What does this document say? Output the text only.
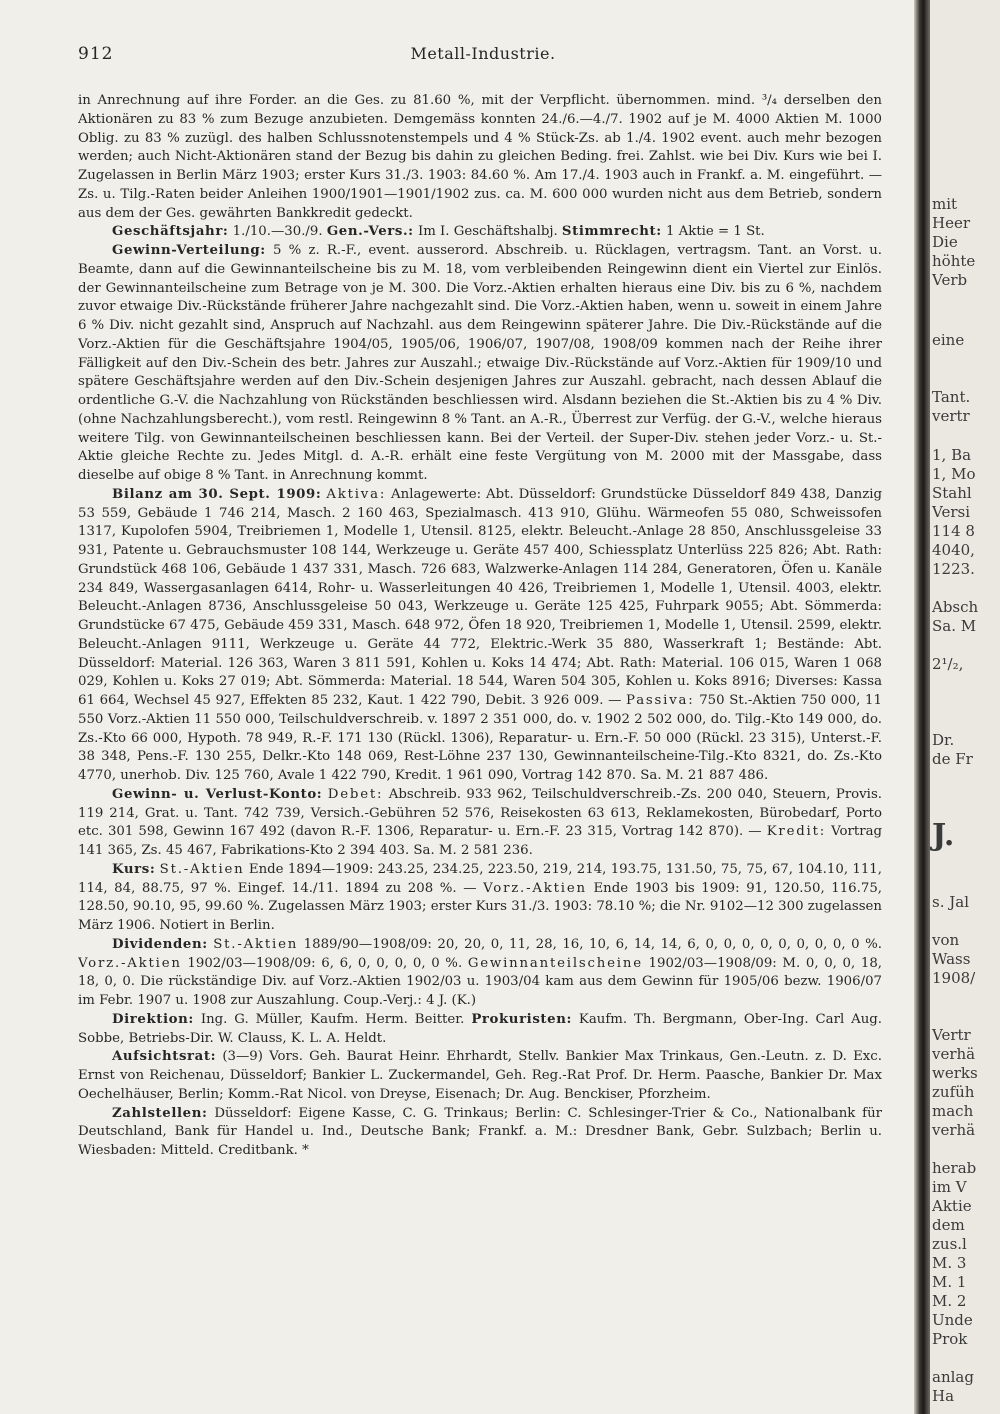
912	Metall-Industrie.

in Anrechnung auf ihre Forder. an die Ges. zu 81.60 %, mit der Verpflicht. übernommen. mind. ³/₄ derselben den Aktionären zu 83 % zum Bezuge anzubieten. Demgemäss konnten 24./6.—4./7. 1902 auf je M. 4000 Aktien M. 1000 Oblig. zu 83 % zuzügl. des halben Schlussnotenstempels und 4 % Stück-Zs. ab 1./4. 1902 event. auch mehr bezogen werden; auch Nicht-Aktionären stand der Bezug bis dahin zu gleichen Beding. frei. Zahlst. wie bei Div. Kurs wie bei I. Zugelassen in Berlin März 1903; erster Kurs 31./3. 1903: 84.60 %. Am 17./4. 1903 auch in Frankf. a. M. eingeführt. — Zs. u. Tilg.-Raten beider Anleihen 1900/1901—1901/1902 zus. ca. M. 600 000 wurden nicht aus dem Betrieb, sondern aus dem der Ges. gewährten Bankkredit gedeckt.

Geschäftsjahr: 1./10.—30./9. Gen.-Vers.: Im I. Geschäftshalbj. Stimmrecht: 1 Aktie = 1 St.

Gewinn-Verteilung: 5 % z. R.-F., event. ausserord. Abschreib. u. Rücklagen, vertragsm. Tant. an Vorst. u. Beamte, dann auf die Gewinnanteilscheine bis zu M. 18, vom verbleibenden Reingewinn dient ein Viertel zur Einlös. der Gewinnanteilscheine zum Betrage von je M. 300. Die Vorz.-Aktien erhalten hieraus eine Div. bis zu 6 %, nachdem zuvor etwaige Div.-Rückstände früherer Jahre nachgezahlt sind. Die Vorz.-Aktien haben, wenn u. soweit in einem Jahre 6 % Div. nicht gezahlt sind, Anspruch auf Nachzahl. aus dem Reingewinn späterer Jahre. Die Div.-Rückstände auf die Vorz.-Aktien für die Geschäftsjahre 1904/05, 1905/06, 1906/07, 1907/08, 1908/09 kommen nach der Reihe ihrer Fälligkeit auf den Div.-Schein des betr. Jahres zur Auszahl.; etwaige Div.-Rückstände auf Vorz.-Aktien für 1909/10 und spätere Geschäftsjahre werden auf den Div.-Schein desjenigen Jahres zur Auszahl. gebracht, nach dessen Ablauf die ordentliche G.-V. die Nachzahlung von Rückständen beschliessen wird. Alsdann beziehen die St.-Aktien bis zu 4 % Div. (ohne Nachzahlungsberecht.), vom restl. Reingewinn 8 % Tant. an A.-R., Überrest zur Verfüg. der G.-V., welche hieraus weitere Tilg. von Gewinnanteilscheinen beschliessen kann. Bei der Verteil. der Super-Div. stehen jeder Vorz.- u. St.-Aktie gleiche Rechte zu. Jedes Mitgl. d. A.-R. erhält eine feste Vergütung von M. 2000 mit der Massgabe, dass dieselbe auf obige 8 % Tant. in Anrechnung kommt.

Bilanz am 30. Sept. 1909: Aktiva: Anlagewerte: Abt. Düsseldorf: Grundstücke Düsseldorf 849 438, Danzig 53 559, Gebäude 1 746 214, Masch. 2 160 463, Spezialmasch. 413 910, Glühu. Wärmeofen 55 080, Schweissofen 1317, Kupolofen 5904, Treibriemen 1, Modelle 1, Utensil. 8125, elektr. Beleucht.-Anlage 28 850, Anschlussgeleise 33 931, Patente u. Gebrauchsmuster 108 144, Werkzeuge u. Geräte 457 400, Schiessplatz Unterlüss 225 826; Abt. Rath: Grundstück 468 106, Gebäude 1 437 331, Masch. 726 683, Walzwerke-Anlagen 114 284, Generatoren, Öfen u. Kanäle 234 849, Wassergasanlagen 6414, Rohr- u. Wasserleitungen 40 426, Treibriemen 1, Modelle 1, Utensil. 4003, elektr. Beleucht.-Anlagen 8736, Anschlussgeleise 50 043, Werkzeuge u. Geräte 125 425, Fuhrpark 9055; Abt. Sömmerda: Grundstücke 67 475, Gebäude 459 331, Masch. 648 972, Öfen 18 920, Treibriemen 1, Modelle 1, Utensil. 2599, elektr. Beleucht.-Anlagen 9111, Werkzeuge u. Geräte 44 772, Elektric.-Werk 35 880, Wasserkraft 1; Bestände: Abt. Düsseldorf: Material. 126 363, Waren 3 811 591, Kohlen u. Koks 14 474; Abt. Rath: Material. 106 015, Waren 1 068 029, Kohlen u. Koks 27 019; Abt. Sömmerda: Material. 18 544, Waren 504 305, Kohlen u. Koks 8916; Diverses: Kassa 61 664, Wechsel 45 927, Effekten 85 232, Kaut. 1 422 790, Debit. 3 926 009. — Passiva: 750 St.-Aktien 750 000, 11 550 Vorz.-Aktien 11 550 000, Teilschuldverschreib. v. 1897 2 351 000, do. v. 1902 2 502 000, do. Tilg.-Kto 149 000, do. Zs.-Kto 66 000, Hypoth. 78 949, R.-F. 171 130 (Rückl. 1306), Reparatur- u. Ern.-F. 50 000 (Rückl. 23 315), Unterst.-F. 38 348, Pens.-F. 130 255, Delkr.-Kto 148 069, Rest-Löhne 237 130, Gewinnanteilscheine-Tilg.-Kto 8321, do. Zs.-Kto 4770, unerhob. Div. 125 760, Avale 1 422 790, Kredit. 1 961 090, Vortrag 142 870. Sa. M. 21 887 486.

Gewinn- u. Verlust-Konto: Debet: Abschreib. 933 962, Teilschuldverschreib.-Zs. 200 040, Steuern, Provis. 119 214, Grat. u. Tant. 742 739, Versich.-Gebühren 52 576, Reisekosten 63 613, Reklamekosten, Bürobedarf, Porto etc. 301 598, Gewinn 167 492 (davon R.-F. 1306, Reparatur- u. Ern.-F. 23 315, Vortrag 142 870). — Kredit: Vortrag 141 365, Zs. 45 467, Fabrikations-Kto 2 394 403. Sa. M. 2 581 236.

Kurs: St.-Aktien Ende 1894—1909: 243.25, 234.25, 223.50, 219, 214, 193.75, 131.50, 75, 75, 67, 104.10, 111, 114, 84, 88.75, 97 %. Eingef. 14./11. 1894 zu 208 %. — Vorz.-Aktien Ende 1903 bis 1909: 91, 120.50, 116.75, 128.50, 90.10, 95, 99.60 %. Zugelassen März 1903; erster Kurs 31./3. 1903: 78.10 %; die Nr. 9102—12 300 zugelassen März 1906. Notiert in Berlin.

Dividenden: St.-Aktien 1889/90—1908/09: 20, 20, 0, 11, 28, 16, 10, 6, 14, 14, 6, 0, 0, 0, 0, 0, 0, 0, 0, 0 %. Vorz.-Aktien 1902/03—1908/09: 6, 6, 0, 0, 0, 0, 0 %. Gewinnanteilscheine 1902/03—1908/09: M. 0, 0, 0, 18, 18, 0, 0. Die rückständige Div. auf Vorz.-Aktien 1902/03 u. 1903/04 kam aus dem Gewinn für 1905/06 bezw. 1906/07 im Febr. 1907 u. 1908 zur Auszahlung. Coup.-Verj.: 4 J. (K.)

Direktion: Ing. G. Müller, Kaufm. Herm. Beitter. Prokuristen: Kaufm. Th. Bergmann, Ober-Ing. Carl Aug. Sobbe, Betriebs-Dir. W. Clauss, K. L. A. Heldt.

Aufsichtsrat: (3—9) Vors. Geh. Baurat Heinr. Ehrhardt, Stellv. Bankier Max Trinkaus, Gen.-Leutn. z. D. Exc. Ernst von Reichenau, Düsseldorf; Bankier L. Zuckermandel, Geh. Reg.-Rat Prof. Dr. Herm. Paasche, Bankier Dr. Max Oechelhäuser, Berlin; Komm.-Rat Nicol. von Dreyse, Eisenach; Dr. Aug. Benckiser, Pforzheim.

Zahlstellen: Düsseldorf: Eigene Kasse, C. G. Trinkaus; Berlin: C. Schlesinger-Trier & Co., Nationalbank für Deutschland, Bank für Handel u. Ind., Deutsche Bank; Frankf. a. M.: Dresdner Bank, Gebr. Sulzbach; Berlin u. Wiesbaden: Mitteld. Creditbank. *

mit
Heer
Die
höhte
Verb
eine
Tant.
vertr
1, Ba
1, Mo
Stahl
Versi
114 8
4040,
1223.
Absch
Sa. M
2¹/₂,
Dr.
de Fr
J.
s. Jal
von
Wass
1908/
Vertr
verhä
werks
zufüh
mach
verhä
herab
im V
Aktie
dem
zus.l
M. 3
M. 1
M. 2
Unde
Prok
anlag
Ha
